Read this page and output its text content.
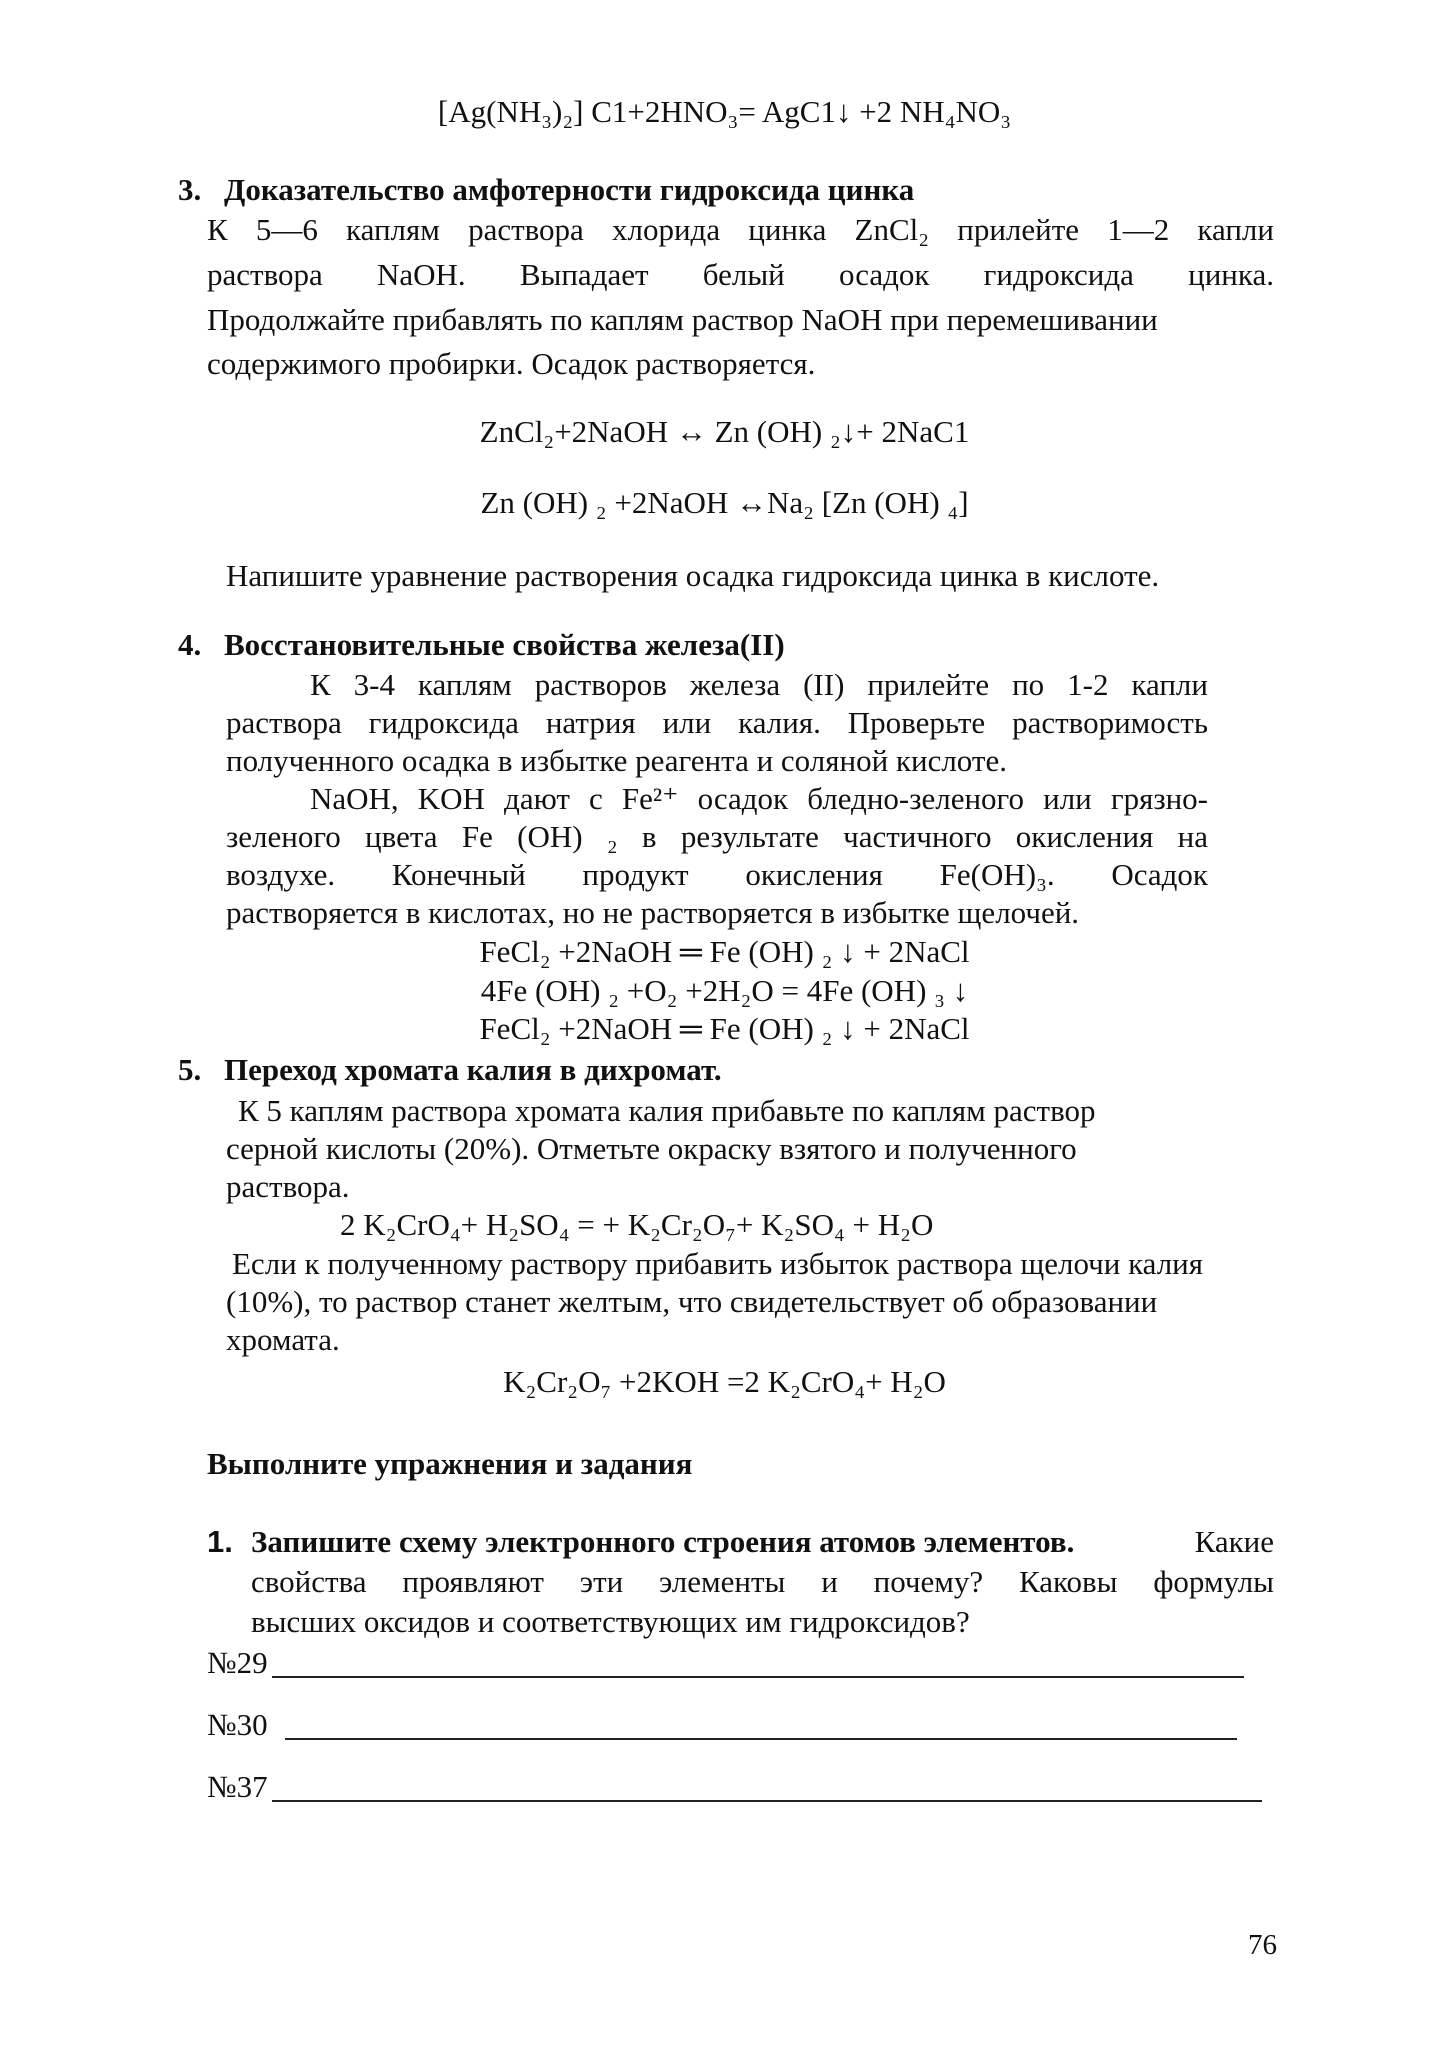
[Ag(NH₃)₂] C1+2HNO₃= AgC1↓ +2 NH₄NO₃
3. Доказательство амфотерности гидроксида цинка
К 5—6 каплям раствора хлорида цинка ZnCl₂ прилейте 1—2 капли
раствора NaOH. Выпадает белый осадок гидроксида цинка.
Продолжайте прибавлять по каплям раствор NaOH при перемешивании
содержимого пробирки. Осадок растворяется.
ZnCl₂+2NaOH ↔ Zn (OH) ₂↓+ 2NaC1
Zn (OH) ₂ +2NaOH ↔Na₂ [Zn (OH) ₄]
Напишите уравнение растворения осадка гидроксида цинка в кислоте.
4. Восстановительные свойства железа(II)
К 3-4 каплям растворов железа (II) прилейте по 1-2 капли
раствора гидроксида натрия или калия. Проверьте растворимость
полученного осадка в избытке реагента и соляной кислоте.
NaOH, KOH дают с Fe²⁺ осадок бледно-зеленого или грязно-
зеленого цвета Fe (OH) ₂ в результате частичного окисления на
воздухе. Конечный продукт окисления Fe(OH)₃. Осадок
растворяется в кислотах, но не растворяется в избытке щелочей.
FeCl₂ +2NaOH ═ Fe (OH) ₂ ↓ + 2NaCl
4Fe (OH) ₂ +O₂ +2H₂O = 4Fe (OH) ₃ ↓
FeCl₂ +2NaOH ═ Fe (OH) ₂ ↓ + 2NaCl
5. Переход хромата калия в дихромат.
К 5 каплям раствора хромата калия прибавьте по каплям раствор
серной кислоты (20%). Отметьте окраску взятого и полученного
раствора.
2 K₂CrO₄+ H₂SO₄ = + K₂Cr₂O₇+ K₂SO₄ + H₂O
Если к полученному раствору прибавить избыток раствора щелочи калия
(10%), то раствор станет желтым, что свидетельствует об образовании
хромата.
K₂Cr₂O₇ +2KOH =2 K₂CrO₄+ H₂O
Выполните упражнения и задания
1. Запишите схему электронного строения атомов элементов.	Какие
свойства проявляют эти элементы и почему? Каковы формулы
высших оксидов и соответствующих им гидроксидов?
№29
№30
№37
76
